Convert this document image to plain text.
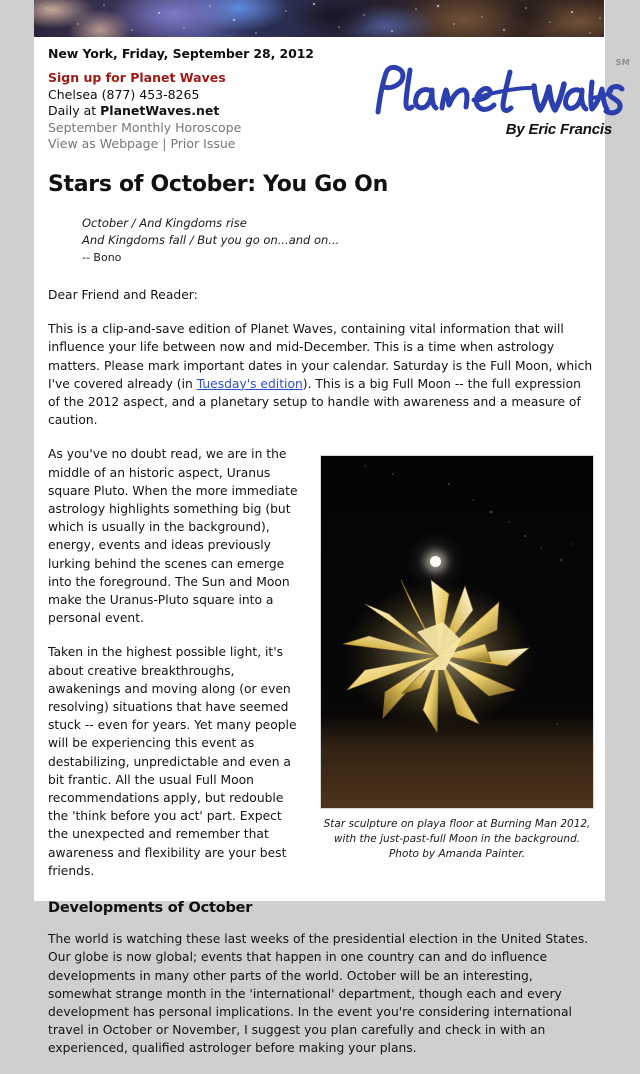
New York, Friday, September 28, 2012
Sign up for Planet Waves
Chelsea (877) 453-8265
Daily at PlanetWaves.net
September Monthly Horoscope
View as Webpage | Prior Issue
SM
By Eric Francis
Stars of October: You Go On
October / And Kingdoms rise
And Kingdoms fall / But you go on...and on...
-- Bono

Dear Friend and Reader:

This is a clip-and-save edition of Planet Waves, containing vital information that will influence your life between now and mid-December. This is a time when astrology matters. Please mark important dates in your calendar. Saturday is the Full Moon, which I've covered already (in Tuesday's edition). This is a big Full Moon -- the full expression of the 2012 aspect, and a planetary setup to handle with awareness and a measure of caution.

Star sculpture on playa floor at Burning Man 2012, with the just-past-full Moon in the background. Photo by Amanda Painter.

As you've no doubt read, we are in the middle of an historic aspect, Uranus square Pluto. When the more immediate astrology highlights something big (but which is usually in the background), energy, events and ideas previously lurking behind the scenes can emerge into the foreground. The Sun and Moon make the Uranus-Pluto square into a personal event.

Taken in the highest possible light, it's about creative breakthroughs, awakenings and moving along (or even resolving) situations that have seemed stuck -- even for years. Yet many people will be experiencing this event as destabilizing, unpredictable and even a bit frantic. All the usual Full Moon recommendations apply, but redouble the 'think before you act' part. Expect the unexpected and remember that awareness and flexibility are your best friends.

Developments of October

The world is watching these last weeks of the presidential election in the United States. Our globe is now global; events that happen in one country can and do influence developments in many other parts of the world. October will be an interesting, somewhat strange month in the 'international' department, though each and every development has personal implications. In the event you're considering international travel in October or November, I suggest you plan carefully and check in with an experienced, qualified astrologer before making your plans.
